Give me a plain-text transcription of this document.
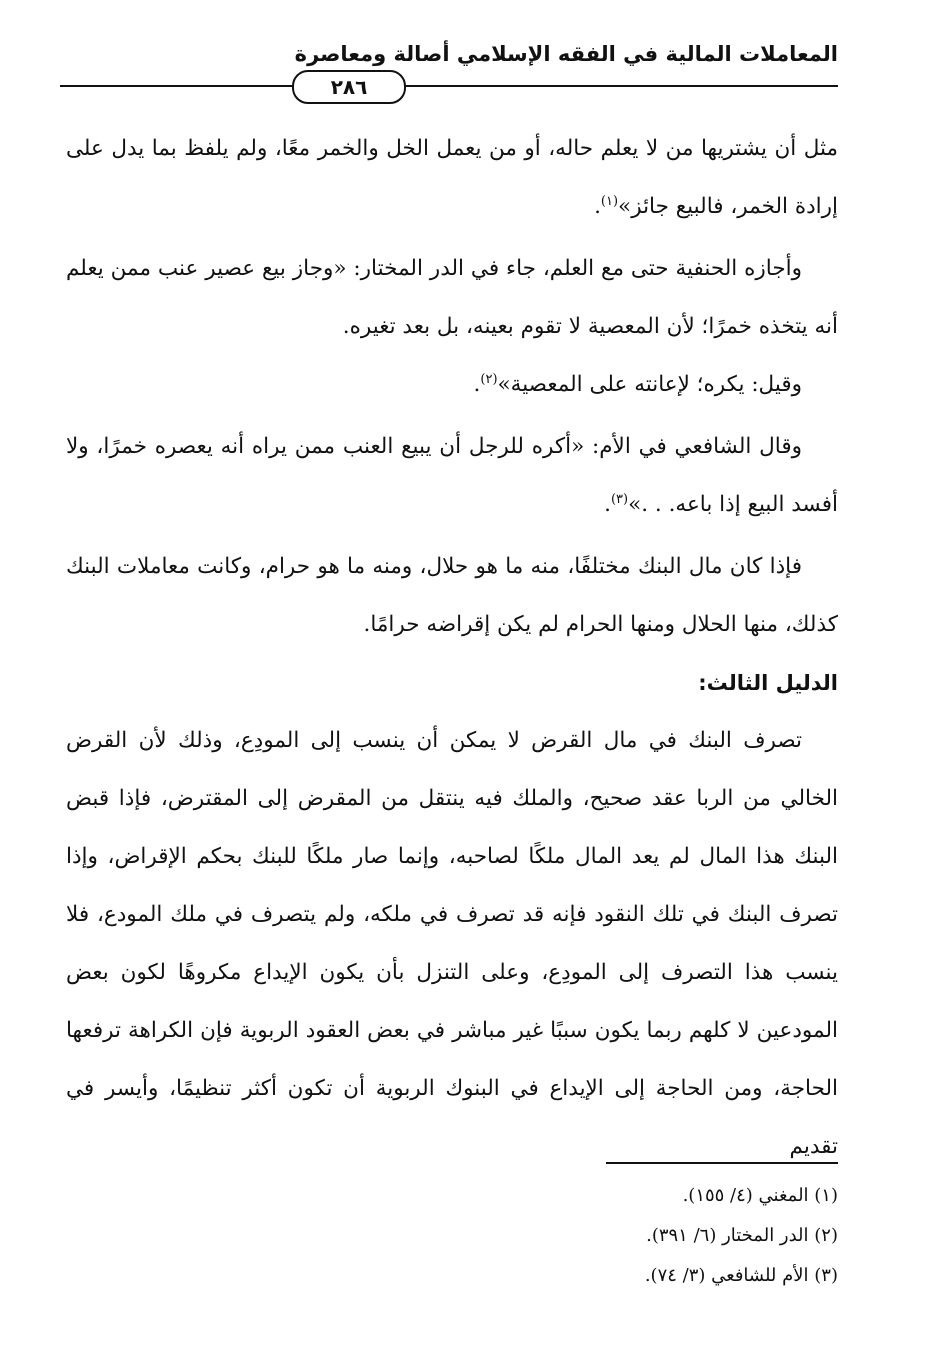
المعاملات المالية في الفقه الإسلامي أصالة ومعاصرة
٢٨٦

مثل أن يشتريها من لا يعلم حاله، أو من يعمل الخل والخمر معًا، ولم يلفظ بما يدل على إرادة الخمر، فالبيع جائز»$^{(١)}$.

وأجازه الحنفية حتى مع العلم، جاء في الدر المختار: «وجاز بيع عصير عنب ممن يعلم أنه يتخذه خمرًا؛ لأن المعصية لا تقوم بعينه، بل بعد تغيره.

وقيل: يكره؛ لإعانته على المعصية»$^{(٢)}$.

وقال الشافعي في الأم: «أكره للرجل أن يبيع العنب ممن يراه أنه يعصره خمرًا، ولا أفسد البيع إذا باعه. . .»$^{(٣)}$.

فإذا كان مال البنك مختلفًا، منه ما هو حلال، ومنه ما هو حرام، وكانت معاملات البنك كذلك، منها الحلال ومنها الحرام لم يكن إقراضه حرامًا.

الدليل الثالث:

تصرف البنك في مال القرض لا يمكن أن ينسب إلى المودِع، وذلك لأن القرض الخالي من الربا عقد صحيح، والملك فيه ينتقل من المقرض إلى المقترض، فإذا قبض البنك هذا المال لم يعد المال ملكًا لصاحبه، وإنما صار ملكًا للبنك بحكم الإقراض، وإذا تصرف البنك في تلك النقود فإنه قد تصرف في ملكه، ولم يتصرف في ملك المودع، فلا ينسب هذا التصرف إلى المودِع، وعلى التنزل بأن يكون الإيداع مكروهًا لكون بعض المودعين لا كلهم ربما يكون سببًا غير مباشر في بعض العقود الربوية فإن الكراهة ترفعها الحاجة، ومن الحاجة إلى الإيداع في البنوك الربوية أن تكون أكثر تنظيمًا، وأيسر في تقديم

(١) المغني (٤/ ١٥٥).
(٢) الدر المختار (٦/ ٣٩١).
(٣) الأم للشافعي (٣/ ٧٤).
